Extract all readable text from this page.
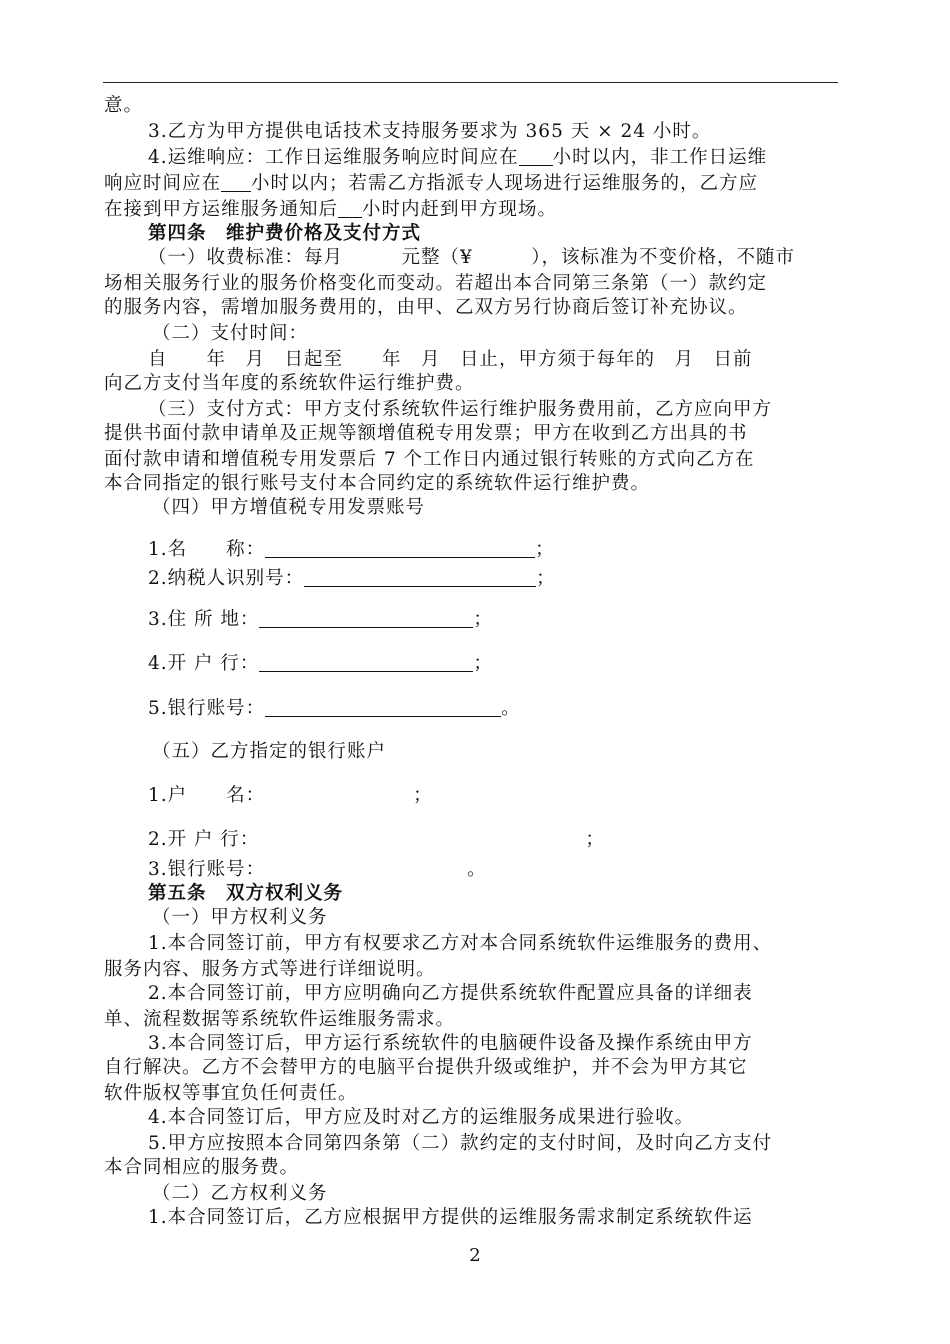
意。
3.乙方为甲方提供电话技术支持服务要求为 365 天 × 24 小时。
4.运维响应：工作日运维服务响应时间应在 小时以内，非工作日运维
响应时间应在 小时以内；若需乙方指派专人现场进行运维服务的，乙方应
在接到甲方运维服务通知后 小时内赶到甲方现场。
第四条　维护费价格及支付方式
（一）收费标准：每月　　　元整（¥　　　），该标准为不变价格，不随市
场相关服务行业的服务价格变化而变动。若超出本合同第三条第（一）款约定
的服务内容，需增加服务费用的，由甲、乙双方另行协商后签订补充协议。
（二）支付时间：
自　　年　月　日起至　　年　月　日止，甲方须于每年的　月　日前
向乙方支付当年度的系统软件运行维护费。
（三）支付方式：甲方支付系统软件运行维护服务费用前，乙方应向甲方
提供书面付款申请单及正规等额增值税专用发票；甲方在收到乙方出具的书
面付款申请和增值税专用发票后 7 个工作日内通过银行转账的方式向乙方在
本合同指定的银行账号支付本合同约定的系统软件运行维护费。
（四）甲方增值税专用发票账号
1.名　　称：	；
2.纳税人识别号：	；
3.住 所 地：	；
4.开 户 行：	；
5.银行账号：	。
（五）乙方指定的银行账户
1.户　　名：	；
2.开 户 行：	；
3.银行账号：	。
第五条　双方权利义务
（一）甲方权利义务
1.本合同签订前，甲方有权要求乙方对本合同系统软件运维服务的费用、
服务内容、服务方式等进行详细说明。
2.本合同签订前，甲方应明确向乙方提供系统软件配置应具备的详细表
单、流程数据等系统软件运维服务需求。
3.本合同签订后，甲方运行系统软件的电脑硬件设备及操作系统由甲方
自行解决。乙方不会替甲方的电脑平台提供升级或维护，并不会为甲方其它
软件版权等事宜负任何责任。
4.本合同签订后，甲方应及时对乙方的运维服务成果进行验收。
5.甲方应按照本合同第四条第（二）款约定的支付时间，及时向乙方支付
本合同相应的服务费。
（二）乙方权利义务
1.本合同签订后，乙方应根据甲方提供的运维服务需求制定系统软件运
2
